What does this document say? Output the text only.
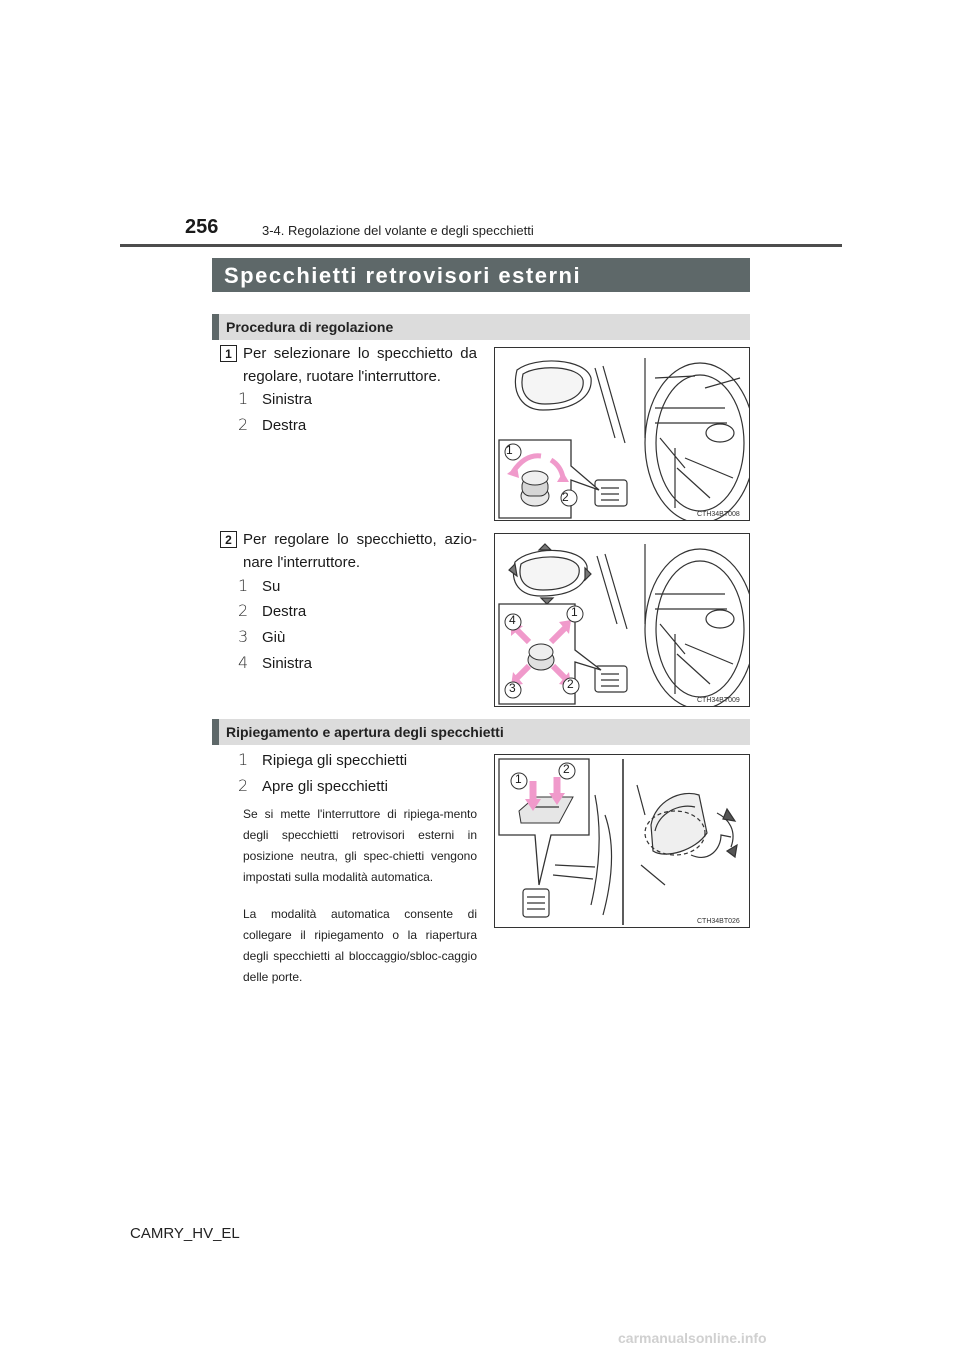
256	3-4. Regolazione del volante e degli specchietti
Specchietti retrovisori esterni
Procedura di regolazione
1 Per selezionare lo specchietto da regolare, ruotare l'interruttore.
1 Sinistra
2 Destra
1
2
CTH34BT008
2 Per regolare lo specchietto, azio-nare l'interruttore.
1 Su
2 Destra
3 Giù
4 Sinistra
1
2
3
4
CTH34BT009
Ripiegamento e apertura degli specchietti
1 Ripiega gli specchietti
2 Apre gli specchietti
Se si mette l'interruttore di ripiega-mento degli specchietti retrovisori esterni in posizione neutra, gli spec-chietti vengono impostati sulla modalità automatica.
La modalità automatica consente di collegare il ripiegamento o la riapertura degli specchietti al bloccaggio/sbloc-caggio delle porte.
1
2
CTH34BT026
CAMRY_HV_EL
carmanualsonline.info
